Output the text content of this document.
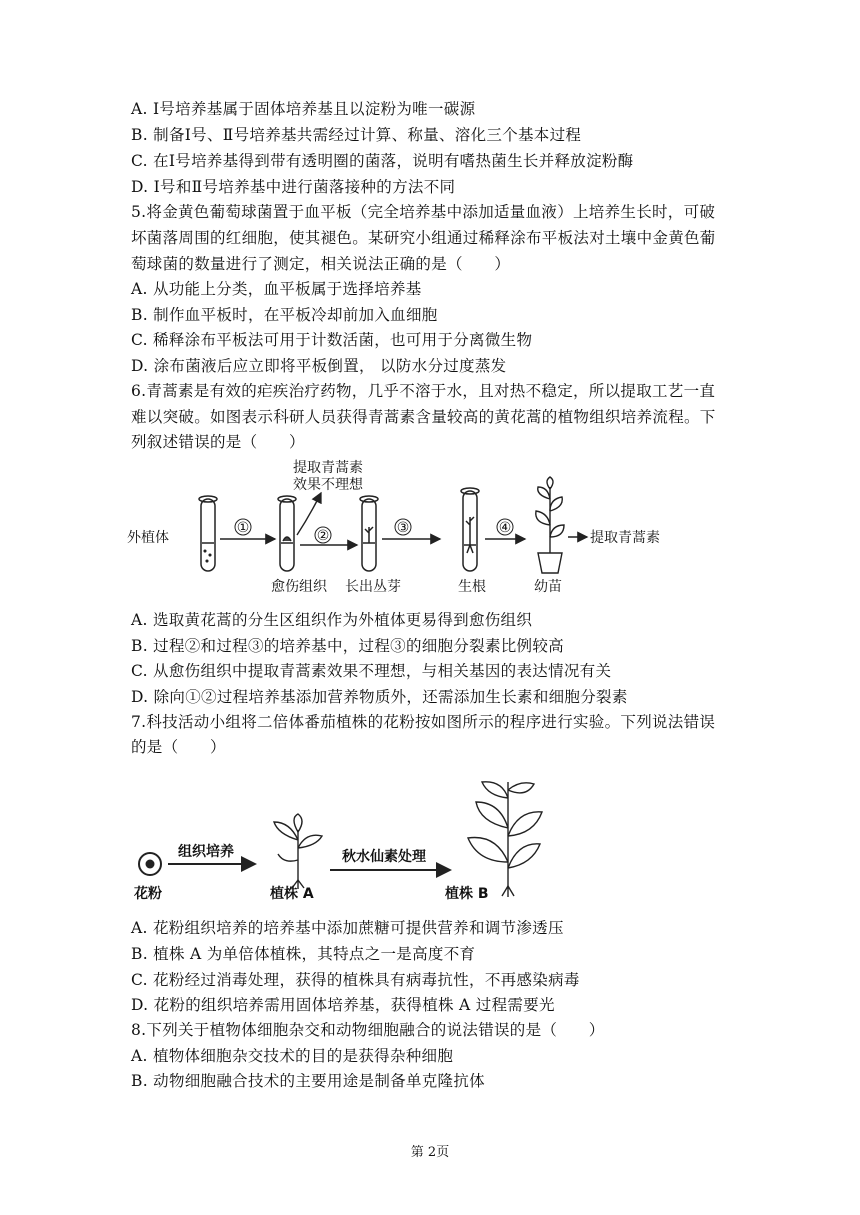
A. Ⅰ号培养基属于固体培养基且以淀粉为唯一碳源
B. 制备Ⅰ号、Ⅱ号培养基共需经过计算、称量、溶化三个基本过程
C. 在Ⅰ号培养基得到带有透明圈的菌落，说明有嗜热菌生长并释放淀粉酶
D. Ⅰ号和Ⅱ号培养基中进行菌落接种的方法不同
5.将金黄色葡萄球菌置于血平板（完全培养基中添加适量血液）上培养生长时，可破
坏菌落周围的红细胞，使其褪色。某研究小组通过稀释涂布平板法对土壤中金黄色葡
萄球菌的数量进行了测定，相关说法正确的是（　　）
A. 从功能上分类，血平板属于选择培养基
B. 制作血平板时，在平板冷却前加入血细胞
C. 稀释涂布平板法可用于计数活菌，也可用于分离微生物
D. 涂布菌液后应立即将平板倒置， 以防水分过度蒸发
6.青蒿素是有效的疟疾治疗药物，几乎不溶于水，且对热不稳定，所以提取工艺一直
难以突破。如图表示科研人员获得青蒿素含量较高的黄花蒿的植物组织培养流程。下
列叙述错误的是（　　）
外植体
①
提取青蒿素
效果不理想
②	③	④
提取青蒿素
愈伤组织 长出丛芽	生根	幼苗
A. 选取黄花蒿的分生区组织作为外植体更易得到愈伤组织
B. 过程②和过程③的培养基中，过程③的细胞分裂素比例较高
C. 从愈伤组织中提取青蒿素效果不理想，与相关基因的表达情况有关
D. 除向①②过程培养基添加营养物质外，还需添加生长素和细胞分裂素
7.科技活动小组将二倍体番茄植株的花粉按如图所示的程序进行实验。下列说法错误
的是（　　）
花粉
组织培养
植株 A
秋水仙素处理
植株 B
A. 花粉组织培养的培养基中添加蔗糖可提供营养和调节渗透压
B. 植株 A 为单倍体植株，其特点之一是高度不育
C. 花粉经过消毒处理，获得的植株具有病毒抗性，不再感染病毒
D. 花粉的组织培养需用固体培养基，获得植株 A 过程需要光
8.下列关于植物体细胞杂交和动物细胞融合的说法错误的是（　　）
A. 植物体细胞杂交技术的目的是获得杂种细胞
B. 动物细胞融合技术的主要用途是制备单克隆抗体
第 2页
